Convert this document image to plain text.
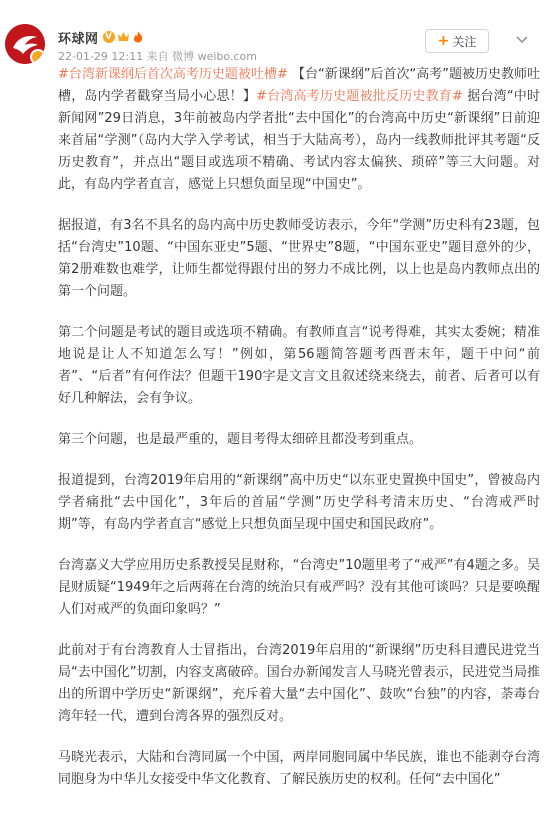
环球网 V
22-01-29 12:11 来自 微博 weibo.com
+ 关注

#台湾新课纲后首次高考历史题被吐槽# 【台“新课纲”后首次“高考”题被历史教师吐槽，岛内学者戳穿当局小心思！】#台湾高考历史题被批反历史教育# 据台湾“中时新闻网”29日消息，3年前被岛内学者批“去中国化”的台湾高中历史“新课纲”日前迎来首届“学测”（岛内大学入学考试，相当于大陆高考），岛内一线教师批评其考题“反历史教育”，并点出“题目或选项不精确、考试内容太偏狭、琐碎”等三大问题。对此，有岛内学者直言，感觉上只想负面呈现“中国史”。

据报道，有3名不具名的岛内高中历史教师受访表示，今年“学测”历史科有23题，包括“台湾史”10题、“中国东亚史”5题、“世界史”8题，“中国东亚史”题目意外的少，第2册难数也难学，让师生都觉得跟付出的努力不成比例，以上也是岛内教师点出的第一个问题。

第二个问题是考试的题目或选项不精确。有教师直言“说考得难，其实太委婉；精准地说是让人不知道怎么写！”例如，第56题简答题考西晋末年，题干中问“前者”、“后者”有何作法？但题干190字是文言文且叙述绕来绕去，前者、后者可以有好几种解法，会有争议。

第三个问题，也是最严重的，题目考得太细碎且都没考到重点。

报道提到，台湾2019年启用的“新课纲”高中历史“以东亚史置换中国史”，曾被岛内学者痛批“去中国化”，3年后的首届“学测”历史学科考清末历史、“台湾戒严时期”等，有岛内学者直言“感觉上只想负面呈现中国史和国民政府”。

台湾嘉义大学应用历史系教授吴昆财称，“台湾史”10题里考了“戒严”有4题之多。吴昆财质疑“1949年之后两蒋在台湾的统治只有戒严吗？没有其他可谈吗？只是要唤醒人们对戒严的负面印象吗？”

此前对于有台湾教育人士冒指出，台湾2019年启用的“新课纲”历史科目遭民进党当局“去中国化”切割，内容支离破碎。国台办新闻发言人马晓光曾表示，民进党当局推出的所谓中学历史“新课纲”，充斥着大量“去中国化”、鼓吹“台独”的内容，荼毒台湾年轻一代，遭到台湾各界的强烈反对。

马晓光表示，大陆和台湾同属一个中国，两岸同胞同属中华民族，谁也不能剥夺台湾同胞身为中华儿女接受中华文化教育、了解民族历史的权利。任何“去中国化”
